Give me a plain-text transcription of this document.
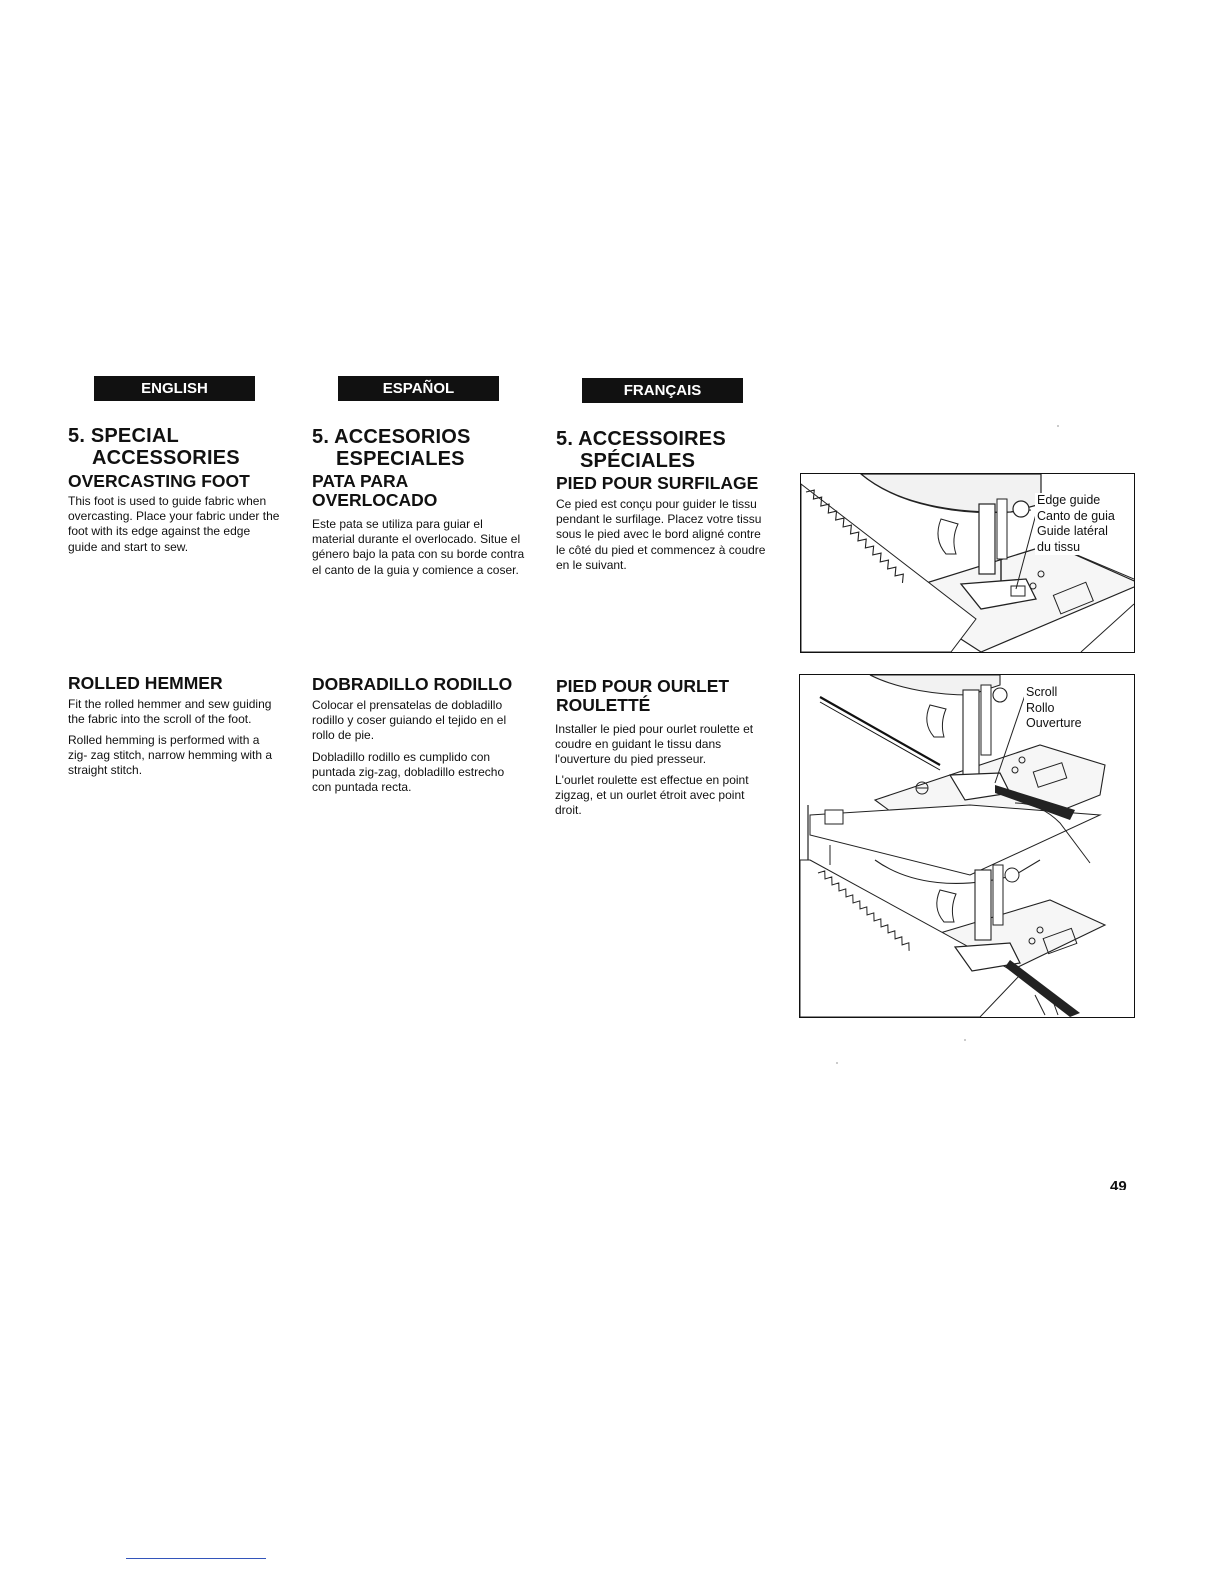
ENGLISH	ESPAÑOL	FRANÇAIS
5. SPECIAL
ACCESSORIES
OVERCASTING FOOT

This foot is used to guide fabric when overcasting. Place your fabric under the foot with its edge against the edge guide and start to sew.

ROLLED HEMMER

Fit the rolled hemmer and sew guiding the fabric into the scroll of the foot.

Rolled hemming is performed with a zig- zag stitch, narrow hemming with a straight stitch.

5. ACCESORIOS
ESPECIALES
PATA PARA
OVERLOCADO

Este pata se utiliza para guiar el material durante el overlocado. Situe el género bajo la pata con su borde contra el canto de la guia y comience a coser.

DOBRADILLO RODILLO

Colocar el prensatelas de dobladillo rodillo y coser guiando el tejido en el rollo de pie.

Dobladillo rodillo es cumplido con puntada zig-zag, dobladillo estrecho con puntada recta.

5. ACCESSOIRES
SPÉCIALES
PIED POUR SURFILAGE

Ce pied est conçu pour guider le tissu pendant le surfilage. Placez votre tissu sous le pied avec le bord aligné contre le côté du pied et commencez à coudre en le suivant.

PIED POUR OURLET
ROULETTÉ

Installer le pied pour ourlet roulette et coudre en guidant le tissu dans l'ouverture du pied presseur.

L'ourlet roulette est effectue en point zigzag, et un ourlet étroit avec point droit.

Edge guide
Canto de guia
Guide latéral
du tissu
Scroll
Rollo
Ouverture
49
